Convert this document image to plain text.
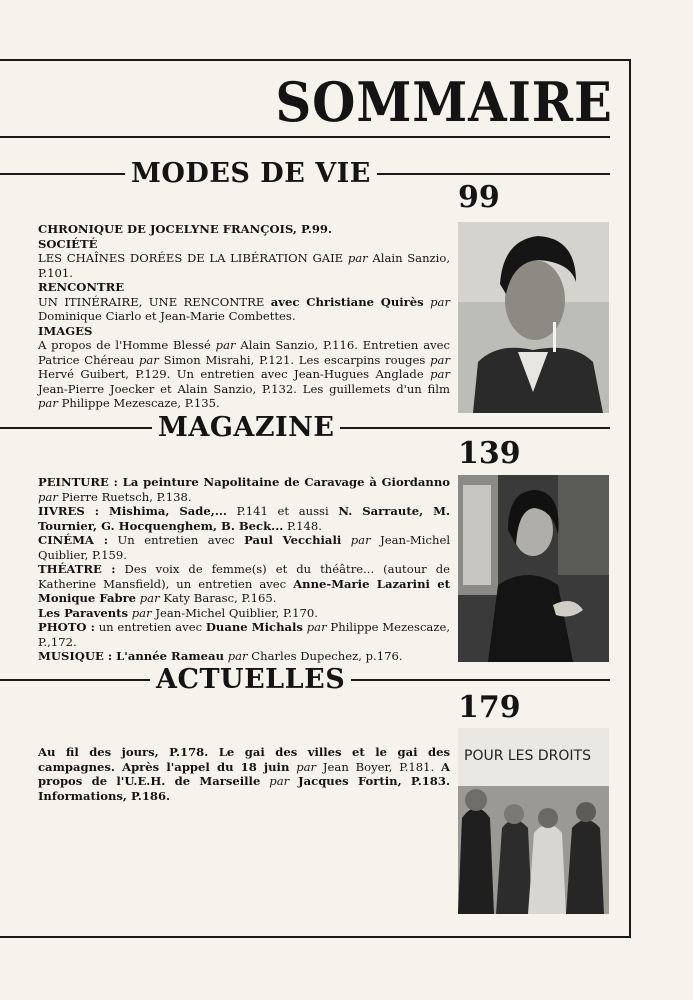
SOMMAIRE
MODES DE VIE
99

CHRONIQUE DE JOCELYNE FRANÇOIS, P.99.

SOCIÉTÉ

LES CHAÎNES DORÉES DE LA LIBÉRATION GAIE par Alain Sanzio, P.101.

RENCONTRE

UN ITINÉRAIRE, UNE RENCONTRE avec Christiane Quirès par Dominique Ciarlo et Jean-Marie Combettes.

IMAGES

A propos de l'Homme Blessé par Alain Sanzio, P.116. Entretien avec Patrice Chéreau par Simon Misrahi, P.121. Les escarpins rouges par Hervé Guibert, P.129. Un entretien avec Jean-Hugues Anglade par Jean-Pierre Joecker et Alain Sanzio, P.132. Les guillemets d'un film par Philippe Mezescaze, P.135.

MAGAZINE
139

PEINTURE : La peinture Napolitaine de Caravage à Giordanno par Pierre Ruetsch, P.138.

IIVRES : Mishima, Sade,... P.141 et aussi N. Sarraute, M. Tournier, G. Hocquenghem, B. Beck... P.148.

CINÉMA : Un entretien avec Paul Vecchiali par Jean-Michel Quiblier, P.159.

THÉATRE : Des voix de femme(s) et du théâtre... (autour de Katherine Mansfield), un entretien avec Anne-Marie Lazarini et Monique Fabre par Katy Barasc, P.165.

Les Paravents par Jean-Michel Quiblier, P.170.

PHOTO : un entretien avec Duane Michals par Philippe Mezescaze, P.,172.

MUSIQUE : L'année Rameau par Charles Dupechez, p.176.

ACTUELLES
179
POUR LES DROITS

Au fil des jours, P.178. Le gai des villes et le gai des campagnes. Après l'appel du 18 juin par Jean Boyer, P.181. A propos de l'U.E.H. de Marseille par Jacques Fortin, P.183. Informations, P.186.
